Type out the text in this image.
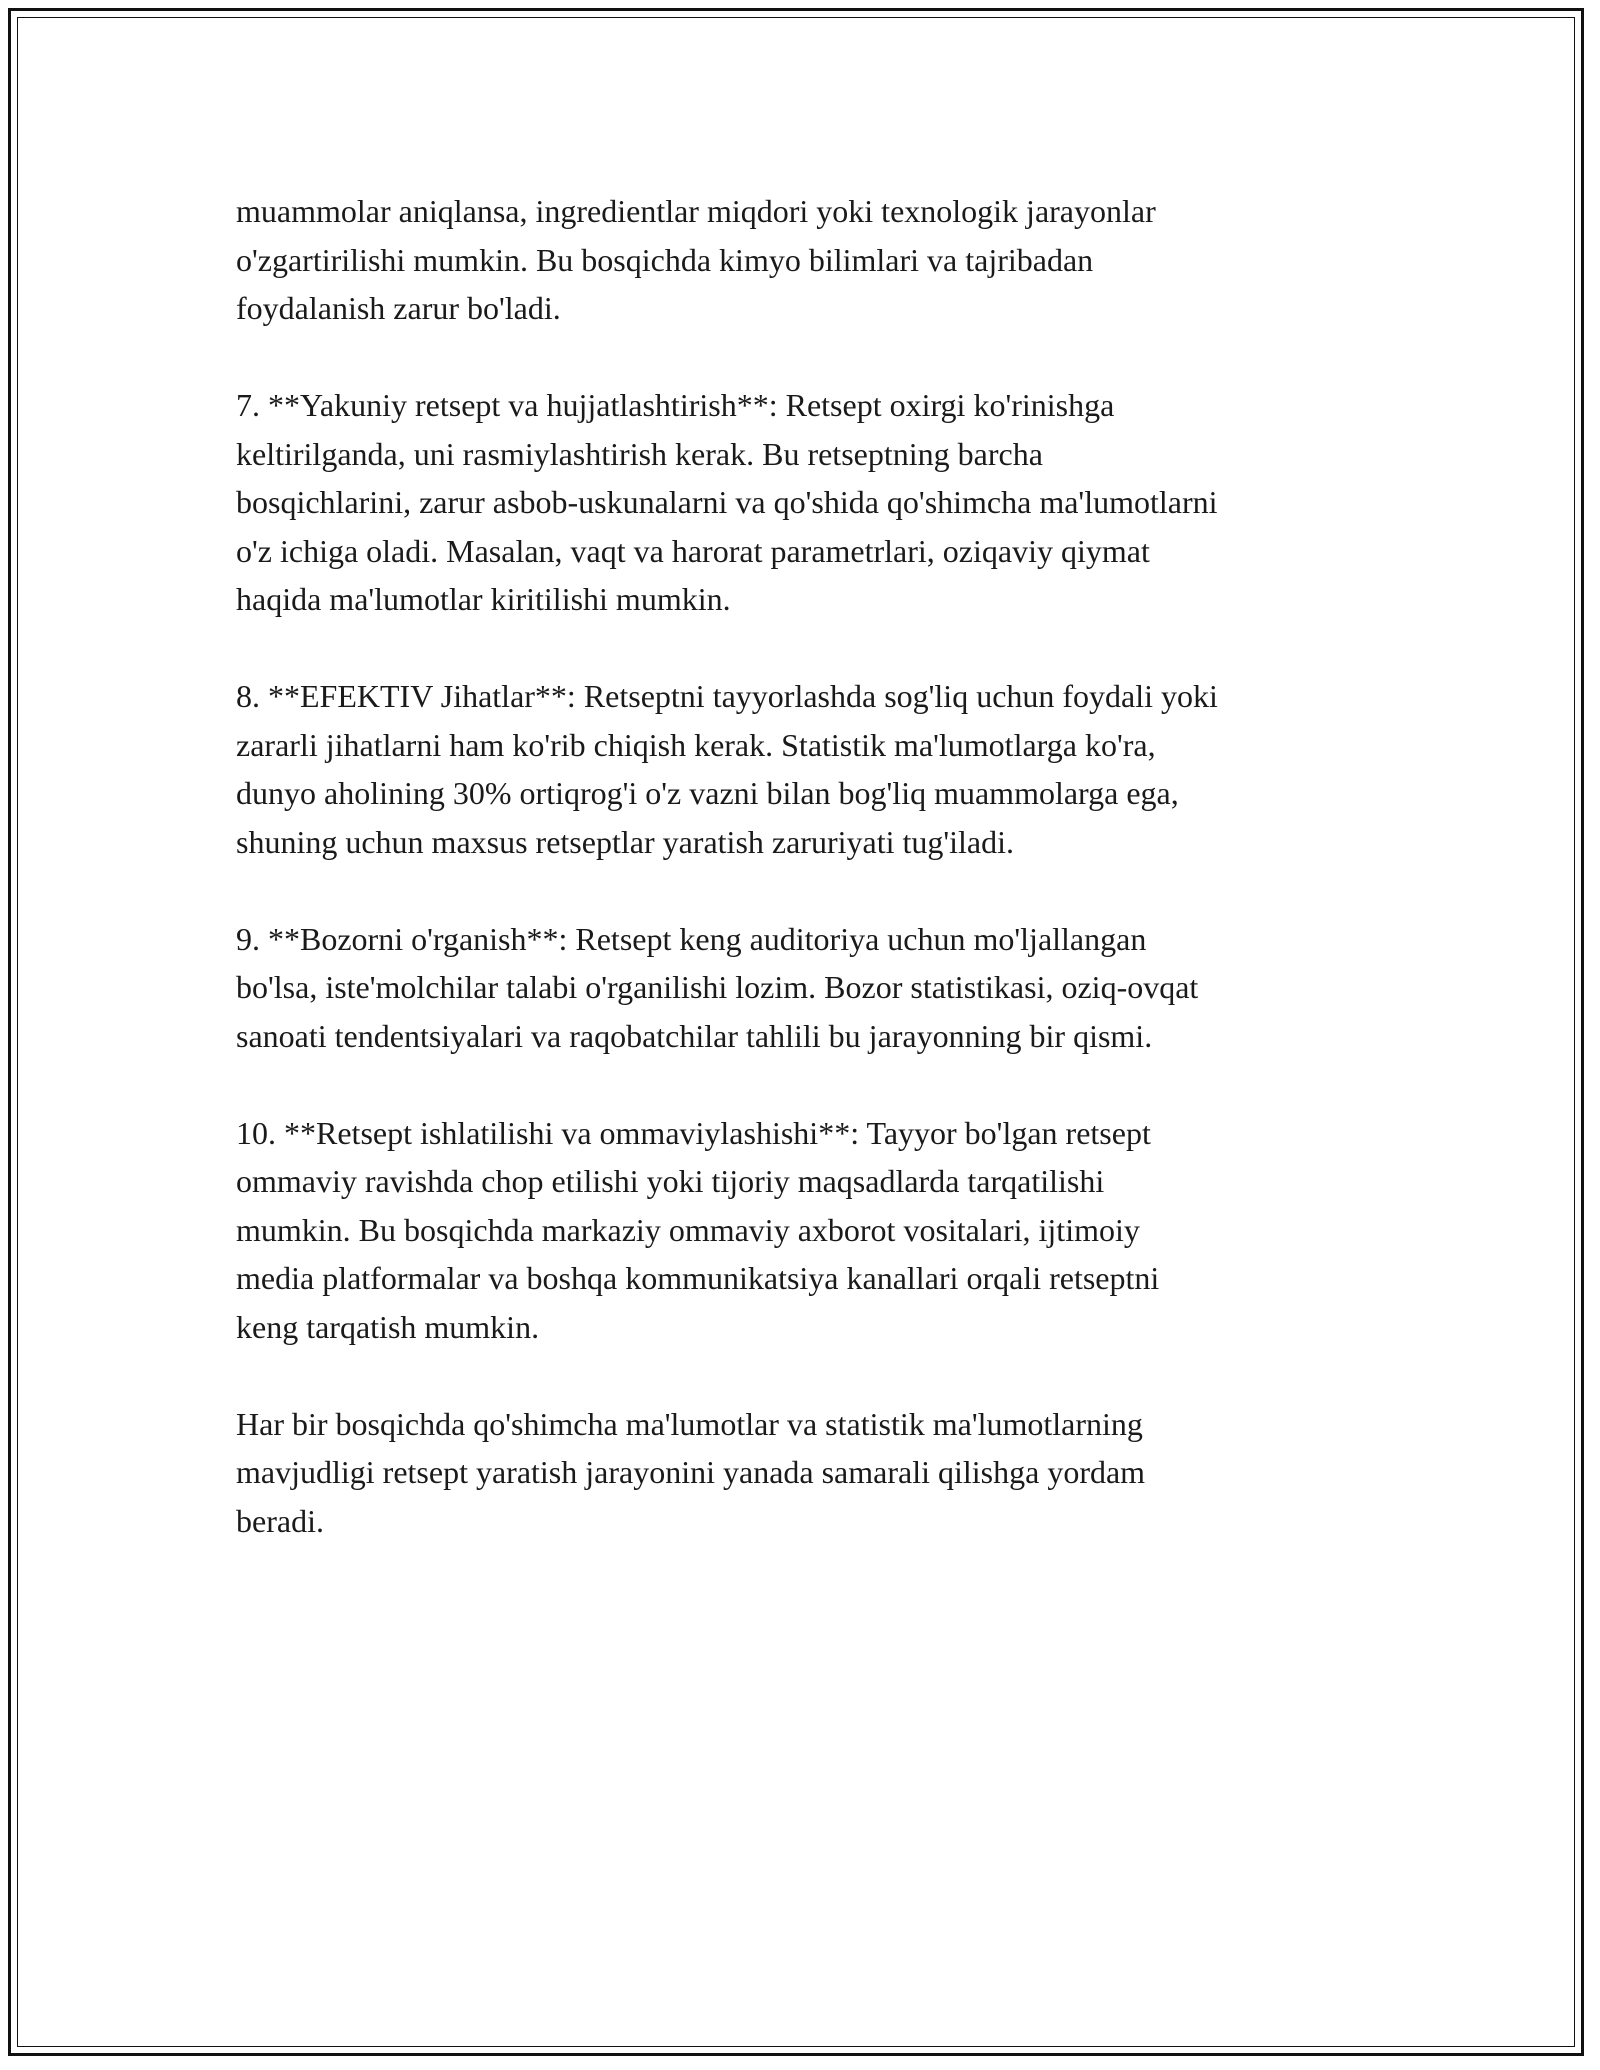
muammolar aniqlansa, ingredientlar miqdori yoki texnologik jarayonlar
o'zgartirilishi mumkin. Bu bosqichda kimyo bilimlari va tajribadan
foydalanish zarur bo'ladi.

7. **Yakuniy retsept va hujjatlashtirish**: Retsept oxirgi ko'rinishga
keltirilganda, uni rasmiylashtirish kerak. Bu retseptning barcha
bosqichlarini, zarur asbob-uskunalarni va qo'shida qo'shimcha ma'lumotlarni
o'z ichiga oladi. Masalan, vaqt va harorat parametrlari, oziqaviy qiymat
haqida ma'lumotlar kiritilishi mumkin.

8. **EFEKTIV Jihatlar**: Retseptni tayyorlashda sog'liq uchun foydali yoki
zararli jihatlarni ham ko'rib chiqish kerak. Statistik ma'lumotlarga ko'ra,
dunyo aholining 30% ortiqrog'i o'z vazni bilan bog'liq muammolarga ega,
shuning uchun maxsus retseptlar yaratish zaruriyati tug'iladi.

9. **Bozorni o'rganish**: Retsept keng auditoriya uchun mo'ljallangan
bo'lsa, iste'molchilar talabi o'rganilishi lozim. Bozor statistikasi, oziq-ovqat
sanoati tendentsiyalari va raqobatchilar tahlili bu jarayonning bir qismi.

10. **Retsept ishlatilishi va ommaviylashishi**: Tayyor bo'lgan retsept
ommaviy ravishda chop etilishi yoki tijoriy maqsadlarda tarqatilishi
mumkin. Bu bosqichda markaziy ommaviy axborot vositalari, ijtimoiy
media platformalar va boshqa kommunikatsiya kanallari orqali retseptni
keng tarqatish mumkin.

Har bir bosqichda qo'shimcha ma'lumotlar va statistik ma'lumotlarning
mavjudligi retsept yaratish jarayonini yanada samarali qilishga yordam
beradi.
